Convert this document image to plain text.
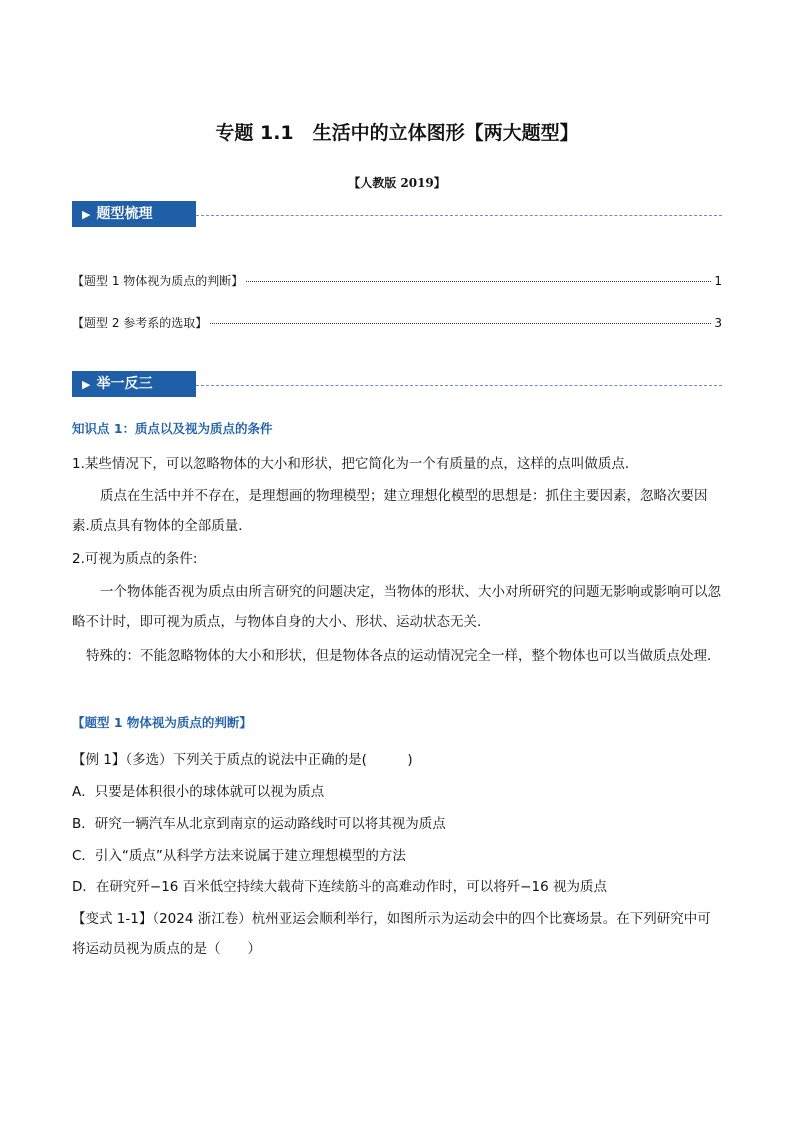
专题 1.1　生活中的立体图形【两大题型】
【人教版 2019】
▶ 题型梳理
【题型 1 物体视为质点的判断】	1
【题型 2 参考系的选取】	3
▶ 举一反三
知识点 1：质点以及视为质点的条件
1.某些情况下，可以忽略物体的大小和形状，把它简化为一个有质量的点，这样的点叫做质点．
质点在生活中并不存在，是理想画的物理模型；建立理想化模型的思想是：抓住主要因素，忽略次要因素.质点具有物体的全部质量．
2.可视为质点的条件:
一个物体能否视为质点由所言研究的问题决定，当物体的形状、大小对所研究的问题无影响或影响可以忽略不计时，即可视为质点，与物体自身的大小、形状、运动状态无关.
特殊的：不能忽略物体的大小和形状，但是物体各点的运动情况完全一样，整个物体也可以当做质点处理．
【题型 1 物体视为质点的判断】
【例 1】（多选）下列关于质点的说法中正确的是(　　　)
A．只要是体积很小的球体就可以视为质点
B．研究一辆汽车从北京到南京的运动路线时可以将其视为质点
C．引入“质点”从科学方法来说属于建立理想模型的方法
D．在研究歼−16 百米低空持续大载荷下连续筋斗的高难动作时，可以将歼−16 视为质点
【变式 1-1】（2024 浙江卷）杭州亚运会顺利举行，如图所示为运动会中的四个比赛场景。在下列研究中可将运动员视为质点的是（　　）
